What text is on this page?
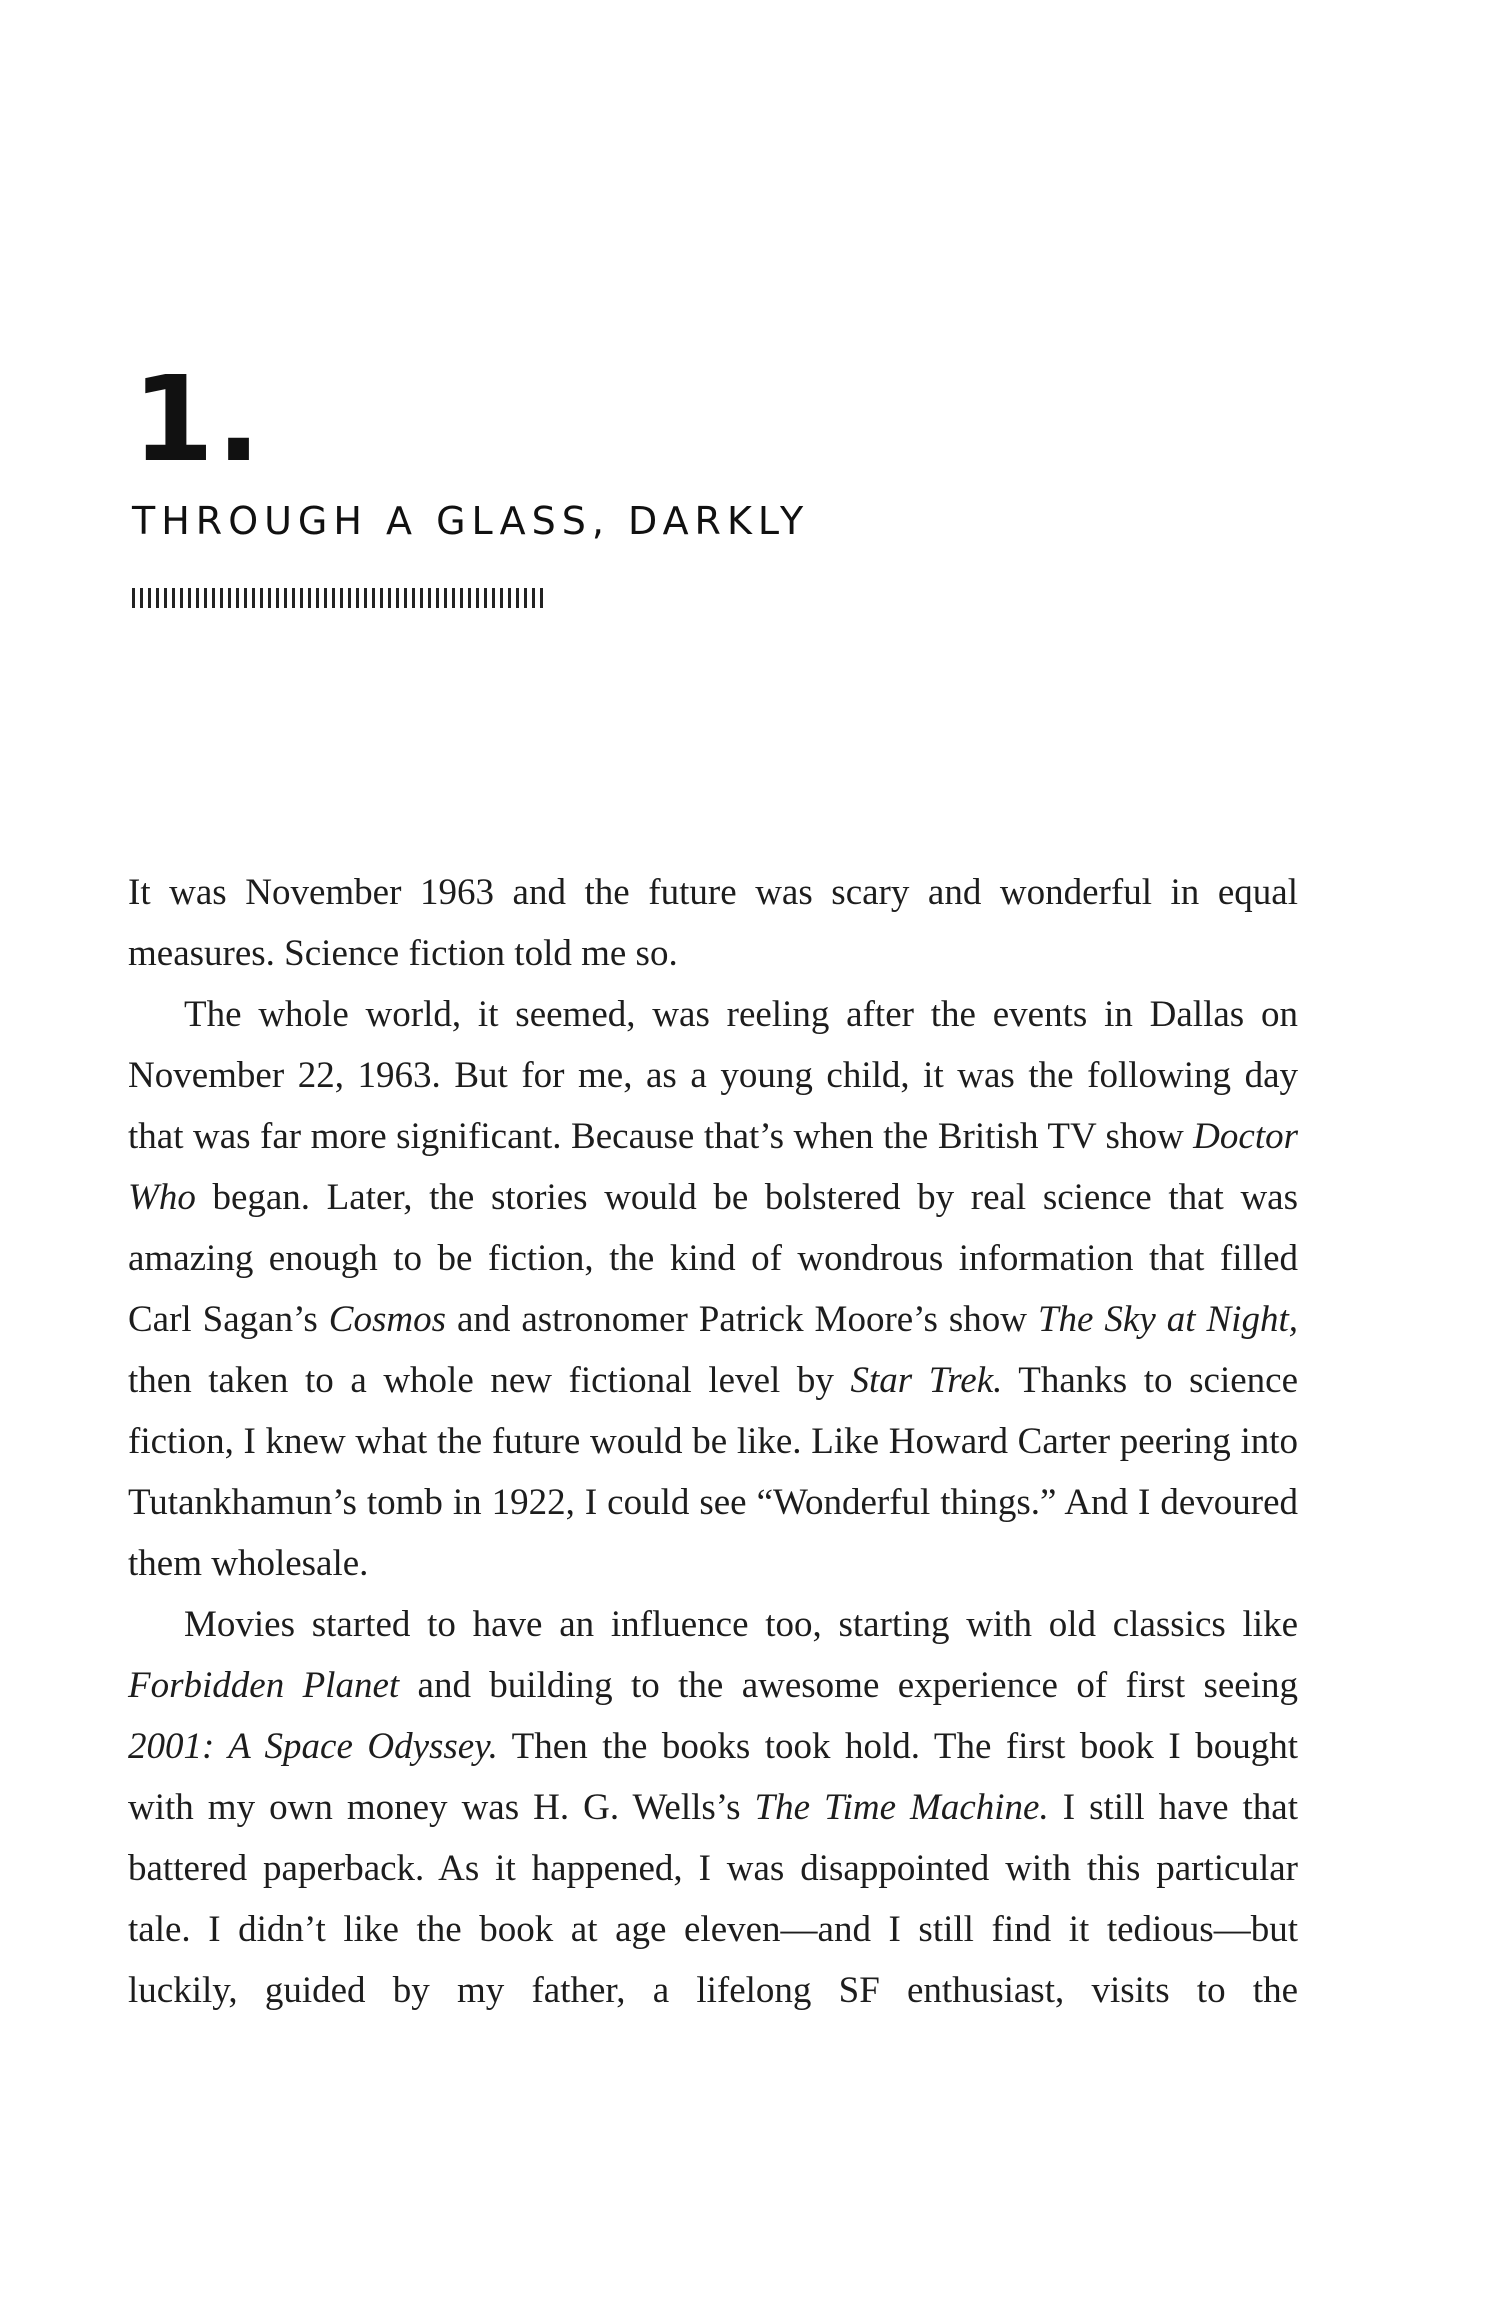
1.
THROUGH A GLASS, DARKLY

It was November 1963 and the future was scary and wonderful in equal measures. Science fiction told me so.

The whole world, it seemed, was reeling after the events in Dallas on November 22, 1963. But for me, as a young child, it was the following day that was far more significant. Because that’s when the British TV show Doctor Who began. Later, the stories would be bolstered by real science that was amazing enough to be fiction, the kind of wondrous information that filled Carl Sagan’s Cosmos and astronomer Patrick Moore’s show The Sky at Night, then taken to a whole new fictional level by Star Trek. Thanks to science fiction, I knew what the future would be like. Like Howard Carter peering into Tutankhamun’s tomb in 1922, I could see “Wonderful things.” And I devoured them wholesale.

Movies started to have an influence too, starting with old classics like Forbidden Planet and building to the awesome experience of first seeing 2001: A Space Odyssey. Then the books took hold. The first book I bought with my own money was H. G. Wells’s The Time Machine. I still have that battered paperback. As it happened, I was disappointed with this particular tale. I didn’t like the book at age eleven—and I still find it tedious—but luckily, guided by my father, a lifelong SF enthusiast, visits to the
